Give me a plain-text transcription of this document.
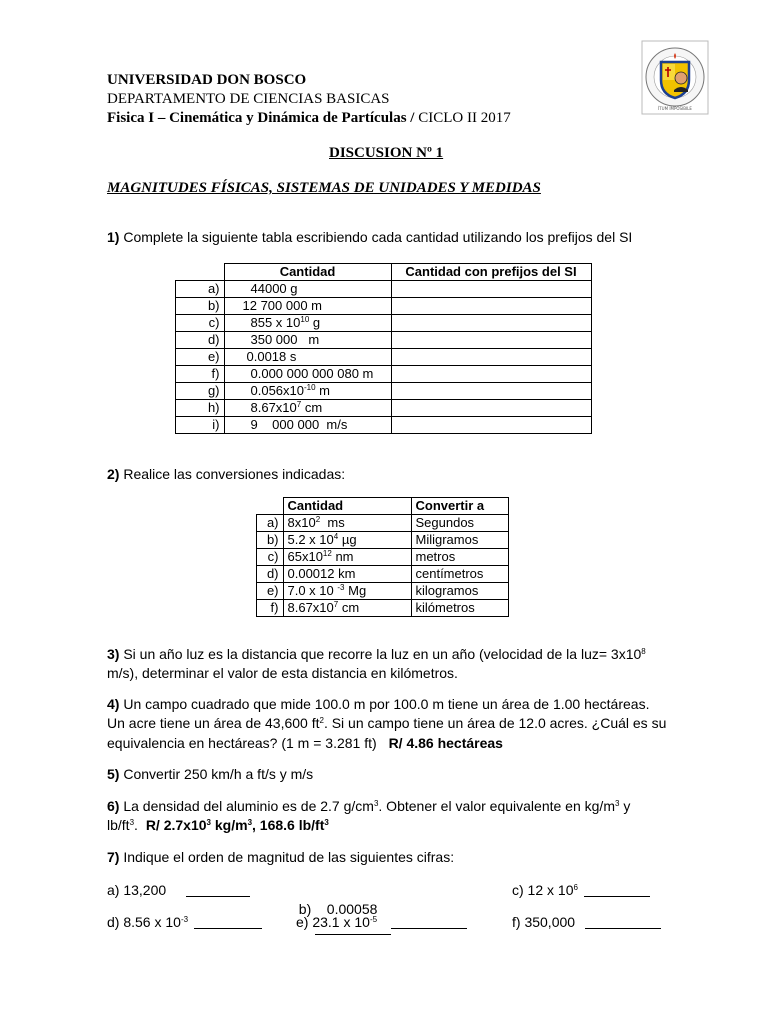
UNIVERSIDAD DON BOSCO
DEPARTAMENTO DE CIENCIAS BASICAS
Fisica I – Cinemática y Dinámica de Partículas / CICLO II 2017
ÍTUM IMPOSIBILE
DISCUSION Nº 1
MAGNITUDES FÍSICAS, SISTEMAS DE UNIDADES Y MEDIDAS
1) Complete la siguiente tabla escribiendo cada cantidad utilizando los prefijos del SI
	Cantidad	Cantidad con prefijos del SI
a)	44000 g	
b)	12 700 000 m	
c)	855 x $10^{10}$ g	
d)	350 000   m	
e)	0.0018 s	
f)	0.000 000 000 080 m	
g)	$0.056x10^{-10}$ m	
h)	$8.67x10^7$ cm	
i)	9    000 000  m/s	
2) Realice las conversiones indicadas:
	Cantidad	Convertir a
a)	$8x10^2$  ms	Segundos
b)	5.2 x $10^4$ µg	Miligramos
c)	$65x10^{12}$ nm	metros
d)	0.00012 km	centímetros
e)	7.0 x 10 $^{-3}$ Mg	kilogramos
f)	$8.67x10^7$ cm	kilómetros
3) Si un año luz es la distancia que recorre la luz en un año (velocidad de la $luz= 3x10^8$
m/s), determinar el valor de esta distancia en kilómetros.
4) Un campo cuadrado que mide 100.0 m por 100.0 m tiene un área de 1.00 hectáreas.
Un acre tiene un área de 43,600 $ft^2$. Si un campo tiene un área de 12.0 acres. ¿Cuál es su
equivalencia en hectáreas? (1 m = 3.281 ft) R/ 4.86 hectáreas
5) Convertir 250 km/h a ft/s y m/s
6) La densidad del aluminio es de 2.7 $g/cm^3$. Obtener el valor equivalente en $kg/m^3$ y
$lb/ft^3$. R/ $2.7x10^3$ $kg/m^3$, 168.6 $lb/ft^3$
7) Indique el orden de magnitud de las siguientes cifras:
a) 13,200

b)    0.00058

c) 12 x $10^6$
d) 8.56 x $10^{-3}$	e) 23.1 x $10^{-5}$	f) 350,000
